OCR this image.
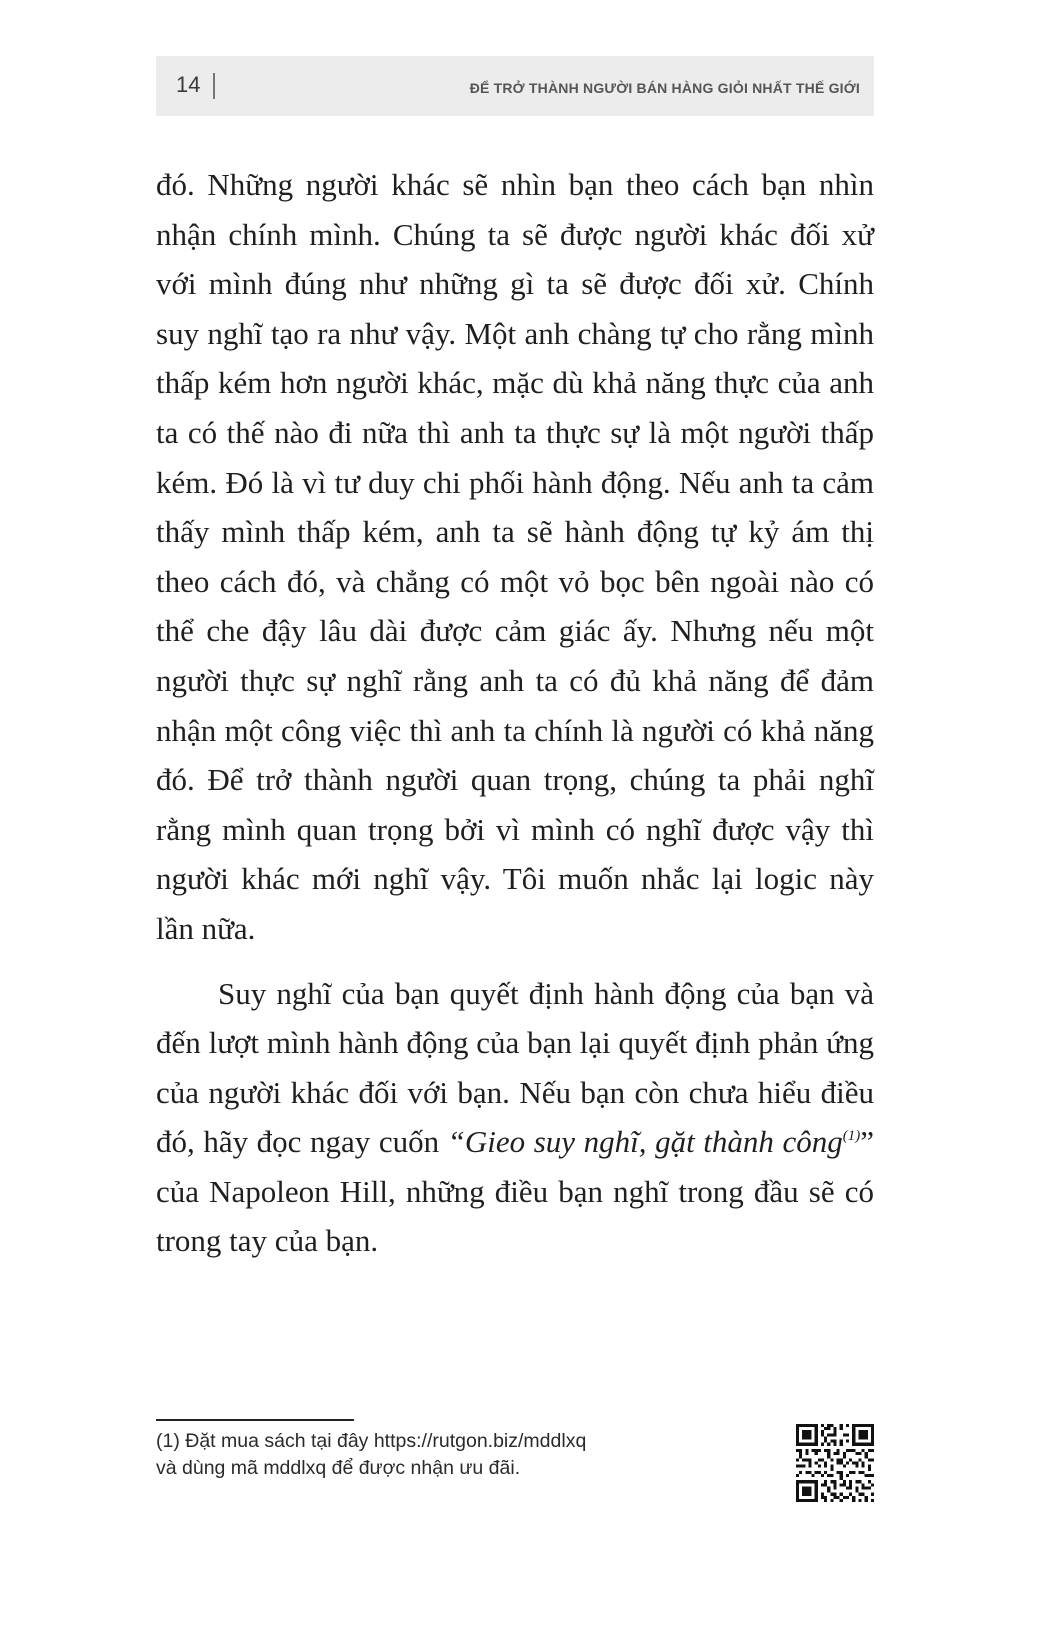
14	ĐỂ TRỞ THÀNH NGƯỜI BÁN HÀNG GIỎI NHẤT THẾ GIỚI

đó. Những người khác sẽ nhìn bạn theo cách bạn nhìn nhận chính mình. Chúng ta sẽ được người khác đối xử với mình đúng như những gì ta sẽ được đối xử. Chính suy nghĩ tạo ra như vậy. Một anh chàng tự cho rằng mình thấp kém hơn người khác, mặc dù khả năng thực của anh ta có thế nào đi nữa thì anh ta thực sự là một người thấp kém. Đó là vì tư duy chi phối hành động. Nếu anh ta cảm thấy mình thấp kém, anh ta sẽ hành động tự kỷ ám thị theo cách đó, và chẳng có một vỏ bọc bên ngoài nào có thể che đậy lâu dài được cảm giác ấy. Nhưng nếu một người thực sự nghĩ rằng anh ta có đủ khả năng để đảm nhận một công việc thì anh ta chính là người có khả năng đó. Để trở thành người quan trọng, chúng ta phải nghĩ rằng mình quan trọng bởi vì mình có nghĩ được vậy thì người khác mới nghĩ vậy. Tôi muốn nhắc lại logic này lần nữa.

Suy nghĩ của bạn quyết định hành động của bạn và đến lượt mình hành động của bạn lại quyết định phản ứng của người khác đối với bạn. Nếu bạn còn chưa hiểu điều đó, hãy đọc ngay cuốn “Gieo suy nghĩ, gặt thành công$^{(1)}$” của Napoleon Hill, những điều bạn nghĩ trong đầu sẽ có trong tay của bạn.

(1) Đặt mua sách tại đây https://rutgon.biz/mddlxq
và dùng mã mddlxq để được nhận ưu đãi.
